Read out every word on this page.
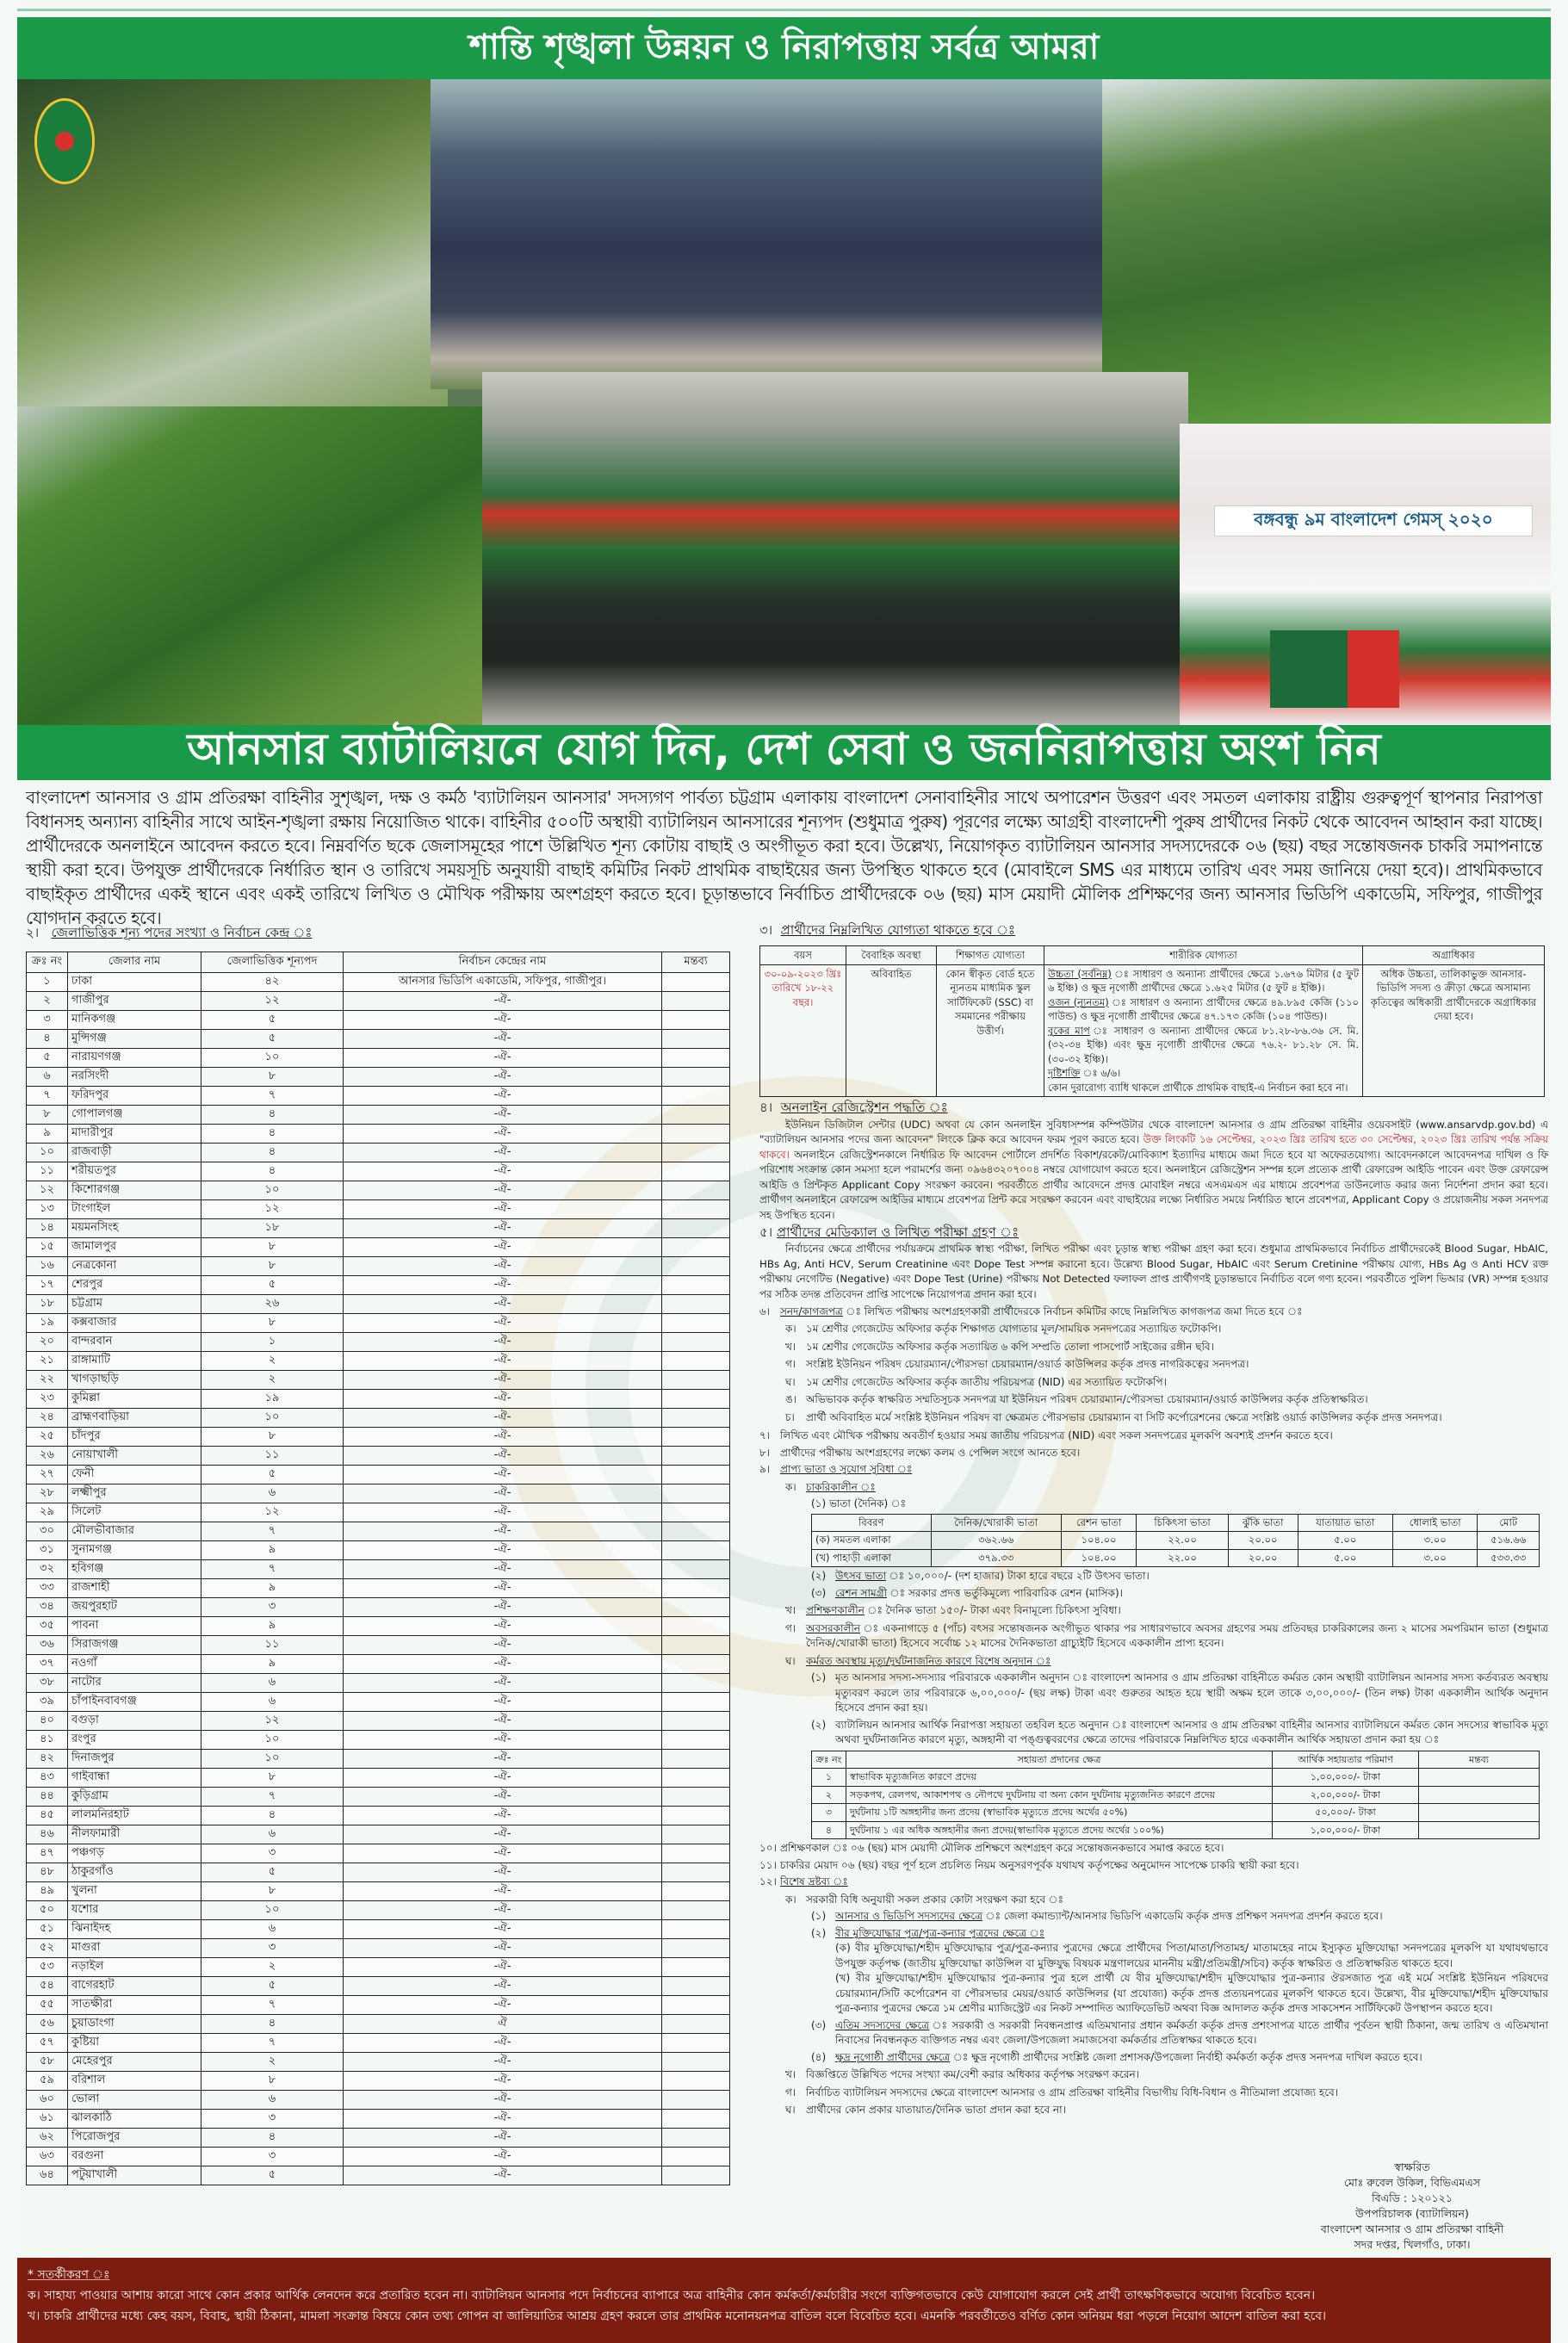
শান্তি শৃঙ্খলা উন্নয়ন ও নিরাপত্তায় সর্বত্র আমরা
বঙ্গবন্ধু ৯ম বাংলাদেশ গেমস্ ২০২০
আনসার ব্যাটালিয়নে যোগ দিন, দেশ সেবা ও জননিরাপত্তায় অংশ নিন

বাংলাদেশ আনসার ও গ্রাম প্রতিরক্ষা বাহিনীর সুশৃঙ্খল, দক্ষ ও কর্মঠ 'ব্যাটালিয়ন আনসার' সদস্যগণ পার্বত্য চট্টগ্রাম এলাকায় বাংলাদেশ সেনাবাহিনীর সাথে অপারেশন উত্তরণ এবং সমতল এলাকায় রাষ্ট্রীয় গুরুত্বপূর্ণ স্থাপনার নিরাপত্তা বিধানসহ অন্যান্য বাহিনীর সাথে আইন-শৃঙ্খলা রক্ষায় নিয়োজিত থাকে। বাহিনীর ৫০০টি অস্থায়ী ব্যাটালিয়ন আনসারের শূন্যপদ (শুধুমাত্র পুরুষ) পূরণের লক্ষ্যে আগ্রহী বাংলাদেশী পুরুষ প্রার্থীদের নিকট থেকে আবেদন আহ্বান করা যাচ্ছে। প্রার্থীদেরকে অনলাইনে আবেদন করতে হবে। নিম্নবর্ণিত ছকে জেলাসমূহের পাশে উল্লিখিত শূন্য কোটায় বাছাই ও অংগীভূত করা হবে। উল্লেখ্য, নিয়োগকৃত ব্যাটালিয়ন আনসার সদস্যদেরকে ০৬ (ছয়) বছর সন্তোষজনক চাকরি সমাপনান্তে স্থায়ী করা হবে। উপযুক্ত প্রার্থীদেরকে নির্ধারিত স্থান ও তারিখে সময়সূচি অনুযায়ী বাছাই কমিটির নিকট প্রাথমিক বাছাইয়ের জন্য উপস্থিত থাকতে হবে (মোবাইলে SMS এর মাধ্যমে তারিখ এবং সময় জানিয়ে দেয়া হবে)। প্রাথমিকভাবে বাছাইকৃত প্রার্থীদের একই স্থানে এবং একই তারিখে লিখিত ও মৌখিক পরীক্ষায় অংশগ্রহণ করতে হবে। চূড়ান্তভাবে নির্বাচিত প্রার্থীদেরকে ০৬ (ছয়) মাস মেয়াদী মৌলিক প্রশিক্ষণের জন্য আনসার ভিডিপি একাডেমি, সফিপুর, গাজীপুর যোগদান করতে হবে।

২। জেলাভিত্তিক শূন্য পদের সংখ্যা ও নির্বাচন কেন্দ্র ঃ
ক্রঃ নং	জেলার নাম	জেলাভিত্তিক শূন্যপদ	নির্বাচন কেন্দ্রের নাম	মন্তব্য
১	ঢাকা	৪২	আনসার ভিডিপি একাডেমি, সফিপুর, গাজীপুর।	
২	গাজীপুর	১২	-ঐ-	
৩	মানিকগঞ্জ	৫	-ঐ-	
৪	মুন্সিগঞ্জ	৫	-ঐ-	
৫	নারায়ণগঞ্জ	১০	-ঐ-	
৬	নরসিংদী	৮	-ঐ-	
৭	ফরিদপুর	৭	-ঐ-	
৮	গোপালগঞ্জ	৪	-ঐ-	
৯	মাদারীপুর	৪	-ঐ-	
১০	রাজবাড়ী	৪	-ঐ-	
১১	শরীয়তপুর	৪	-ঐ-	
১২	কিশোরগঞ্জ	১০	-ঐ-	
১৩	টাংগাইল	১২	-ঐ-	
১৪	ময়মনসিংহ	১৮	-ঐ-	
১৫	জামালপুর	৮	-ঐ-	
১৬	নেত্রকোনা	৮	-ঐ-	
১৭	শেরপুর	৫	-ঐ-	
১৮	চট্টগ্রাম	২৬	-ঐ-	
১৯	কক্সবাজার	৮	-ঐ-	
২০	বান্দরবান	১	-ঐ-	
২১	রাঙ্গামাটি	২	-ঐ-	
২২	খাগড়াছড়ি	২	-ঐ-	
২৩	কুমিল্লা	১৯	-ঐ-	
২৪	ব্রাহ্মণবাড়িয়া	১০	-ঐ-	
২৫	চাঁদপুর	৮	-ঐ-	
২৬	নোয়াখালী	১১	-ঐ-	
২৭	ফেনী	৫	-ঐ-	
২৮	লক্ষ্মীপুর	৬	-ঐ-	
২৯	সিলেট	১২	-ঐ-	
৩০	মৌলভীবাজার	৭	-ঐ-	
৩১	সুনামগঞ্জ	৯	-ঐ-	
৩২	হবিগঞ্জ	৭	-ঐ-	
৩৩	রাজশাহী	৯	-ঐ-	
৩৪	জয়পুরহাট	৩	-ঐ-	
৩৫	পাবনা	৯	-ঐ-	
৩৬	সিরাজগঞ্জ	১১	-ঐ-	
৩৭	নওগাঁ	৯	-ঐ-	
৩৮	নাটোর	৬	-ঐ-	
৩৯	চাঁপাইনবাবগঞ্জ	৬	-ঐ-	
৪০	বগুড়া	১২	-ঐ-	
৪১	রংপুর	১০	-ঐ-	
৪২	দিনাজপুর	১০	-ঐ-	
৪৩	গাইবান্ধা	৮	-ঐ-	
৪৪	কুড়িগ্রাম	৭	-ঐ-	
৪৫	লালমনিরহাট	৪	-ঐ-	
৪৬	নীলফামারী	৬	-ঐ-	
৪৭	পঞ্চগড়	৩	-ঐ-	
৪৮	ঠাকুরগাঁও	৫	-ঐ-	
৪৯	খুলনা	৮	-ঐ-	
৫০	যশোর	১০	-ঐ-	
৫১	ঝিনাইদহ	৬	-ঐ-	
৫২	মাগুরা	৩	-ঐ-	
৫৩	নড়াইল	২	-ঐ-	
৫৪	বাগেরহাট	৫	-ঐ-	
৫৫	সাতক্ষীরা	৭	-ঐ-	
৫৬	চুয়াডাংগা	৪	ঐ	
৫৭	কুষ্টিয়া	৭	-ঐ-	
৫৮	মেহেরপুর	২	-ঐ-	
৫৯	বরিশাল	৮	-ঐ-	
৬০	ভোলা	৬	-ঐ-	
৬১	ঝালকাঠি	৩	-ঐ-	
৬২	পিরোজপুর	৪	-ঐ-	
৬৩	বরগুনা	৩	-ঐ-	
৬৪	পটুয়াখালী	৫	-ঐ-	
৩। প্রার্থীদের নিম্নলিখিত যোগ্যতা থাকতে হবে ঃ
বয়স	বৈবাহিক অবস্থা	শিক্ষাগত যোগ্যতা	শারীরিক যোগ্যতা	অগ্রাধিকার
৩০-০৯-২০২৩ খ্রিঃ তারিখে ১৮-২২ বছর।	অবিবাহিত	কোন স্বীকৃত বোর্ড হতে ন্যূনতম মাধ্যমিক স্কুল সার্টিফিকেট (SSC) বা সমমানের পরীক্ষায় উত্তীর্ণ।	উচ্চতা (সর্বনিম্ন) ঃ সাধারণ ও অন্যান্য প্রার্থীদের ক্ষেত্রে ১.৬৭৬ মিটার (৫ ফুট ৬ ইঞ্চি) ও ক্ষুদ্র নৃগোষ্ঠী প্রার্থীদের ক্ষেত্রে ১.৬২৫ মিটার (৫ ফুট ৪ ইঞ্চি)।
ওজন (ন্যূনতম) ঃ সাধারণ ও অন্যান্য প্রার্থীদের ক্ষেত্রে ৪৯.৮৯৫ কেজি (১১০ পাউন্ড) ও ক্ষুদ্র নৃগোষ্ঠী প্রার্থীদের ক্ষেত্রে ৪৭.১৭৩ কেজি (১০৪ পাউন্ড)।
বুকের মাপ ঃ সাধারণ ও অন্যান্য প্রার্থীদের ক্ষেত্রে ৮১.২৮-৮৬.৩৬ সে. মি. (৩২-৩৪ ইঞ্চি) এবং ক্ষুদ্র নৃগোষ্ঠী প্রার্থীদের ক্ষেত্রে ৭৬.২- ৮১.২৮ সে. মি. (৩০-৩২ ইঞ্চি)।
দৃষ্টিশক্তি ঃ ৬/৬।
কোন দুরারোগ্য ব্যাধি থাকলে প্রার্থীকে প্রাথমিক বাছাই-এ নির্বাচন করা হবে না।	অধিক উচ্চতা, তালিকাভুক্ত আনসার-ভিডিপি সদস্য ও ক্রীড়া ক্ষেত্রে অসামান্য কৃতিত্বের অধিকারী প্রার্থীদেরকে অগ্রাধিকার দেয়া হবে।
৪। অনলাইন রেজিস্ট্রেশন পদ্ধতি ঃ

ইউনিয়ন ডিজিটাল সেন্টার (UDC) অথবা যে কোন অনলাইন সুবিধাসম্পন্ন কম্পিউটার থেকে বাংলাদেশ আনসার ও গ্রাম প্রতিরক্ষা বাহিনীর ওয়েবসাইট (www.ansarvdp.gov.bd) এ "ব্যাটালিয়ন আনসার পদের জন্য আবেদন" লিংকে ক্লিক করে আবেদন ফরম পূরণ করতে হবে। উক্ত লিংকটি ১৬ সেপ্টেম্বর, ২০২৩ খ্রিঃ তারিখ হতে ৩০ সেপ্টেম্বর, ২০২৩ খ্রিঃ তারিখ পর্যন্ত সক্রিয় থাকবে। অনলাইনে রেজিস্ট্রেশনকালে নির্ধারিত ফি আবেদন পোর্টালে প্রদর্শিত বিকাশ/রকেট/মোবিক্যাশ ইত্যাদির মাধ্যমে জমা দিতে হবে যা অফেরতযোগ্য। আবেদনকালে আবেদনপত্র দাখিল ও ফি পরিশোধ সংক্রান্ত কোন সমস্যা হলে পরামর্শের জন্য ০৯৬৪৩২০৭০০৪ নম্বরে যোগাযোগ করতে হবে। অনলাইনে রেজিস্ট্রেশন সম্পন্ন হলে প্রত্যেক প্রার্থী রেফারেন্স আইডি পাবেন এবং উক্ত রেফারেন্স আইডি ও প্রিন্টকৃত Applicant Copy সংরক্ষণ করবেন। পরবর্তীতে প্রার্থীর আবেদনে প্রদত্ত মোবাইল নম্বরে এসএমএস এর মাধ্যমে প্রবেশপত্র ডাউনলোড করার জন্য নির্দেশনা প্রদান করা হবে। প্রার্থীগণ অনলাইনে রেফারেন্স আইডির মাধ্যমে প্রবেশপত্র প্রিন্ট করে সংরক্ষণ করবেন এবং বাছাইয়ের লক্ষ্যে নির্ধারিত সময়ে নির্ধারিত স্থানে প্রবেশপত্র, Applicant Copy ও প্রয়োজনীয় সকল সনদপত্র সহ উপস্থিত হবেন।

৫। প্রার্থীদের মেডিক্যাল ও লিখিত পরীক্ষা গ্রহণ ঃ

নির্বাচনের ক্ষেত্রে প্রার্থীদের পর্যায়ক্রমে প্রাথমিক স্বাস্থ্য পরীক্ষা, লিখিত পরীক্ষা এবং চূড়ান্ত স্বাস্থ্য পরীক্ষা গ্রহণ করা হবে। শুধুমাত্র প্রাথমিকভাবে নির্বাচিত প্রার্থীদেরকেই Blood Sugar, HbAIC, HBs Ag, Anti HCV, Serum Creatinine এবং Dope Test সম্পন্ন করানো হবে। উল্লেখ্য Blood Sugar, HbAIC এবং Serum Cretinine পরীক্ষায় যোগ্য, HBs Ag ও Anti HCV রক্ত পরীক্ষায় নেগেটিভ (Negative) এবং Dope Test (Urine) পরীক্ষায় Not Detected ফলাফল প্রাপ্ত প্রার্থীগণই চূড়ান্তভাবে নির্বাচিত বলে গণ্য হবেন। পরবর্তীতে পুলিশ ভিআর (VR) সম্পন্ন হওয়ার পর সঠিক তদন্ত প্রতিবেদন প্রাপ্তি সাপেক্ষে নিয়োগপত্র প্রদান করা হবে।

৬। সনদ/কাগজপত্র ঃ লিখিত পরীক্ষায় অংশগ্রহণকারী প্রার্থীদেরকে নির্বাচন কমিটির কাছে নিম্নলিখিত কাগজপত্র জমা দিতে হবে ঃ
ক। ১ম শ্রেণীর গেজেটেড অফিসার কর্তৃক শিক্ষাগত যোগ্যতার মূল/সাময়িক সনদপত্রের সত্যায়িত ফটোকপি।
খ। ১ম শ্রেণীর গেজেটেড অফিসার কর্তৃক সত্যায়িত ৬ কপি সম্প্রতি তোলা পাসপোর্ট সাইজের রঙ্গীন ছবি।
গ। সংশ্লিষ্ট ইউনিয়ন পরিষদ চেয়ারম্যান/পৌরসভা চেয়ারম্যান/ওয়ার্ড কাউন্সিলর কর্তৃক প্রদত্ত নাগরিকত্বের সনদপত্র।
ঘ।	১ম শ্রেণীর গেজেটেড অফিসার কর্তৃক জাতীয় পরিচয়পত্র (NID) এর সত্যায়িত ফটোকপি।
ঙ। অভিভাবক কর্তৃক স্বাক্ষরিত সম্মতিসূচক সনদপত্র যা ইউনিয়ন পরিষদ চেয়ারম্যান/পৌরসভা চেয়ারম্যান/ওয়ার্ড কাউন্সিলর কর্তৃক প্রতিস্বাক্ষরিত।
চ।	প্রার্থী অবিবাহিত মর্মে সংশ্লিষ্ট ইউনিয়ন পরিষদ বা ক্ষেত্রমত পৌরসভার চেয়ারম্যান বা সিটি কর্পোরেশনের ক্ষেত্রে সংশ্লিষ্ট ওয়ার্ড কাউন্সিলর কর্তৃক প্রদত্ত সনদপত্র।
৭। লিখিত এবং মৌখিক পরীক্ষায় অবতীর্ণ হওয়ার সময় জাতীয় পরিচয়পত্র (NID) এবং সকল সনদপত্রের মূলকপি অবশ্যই প্রদর্শন করতে হবে।
৮। প্রার্থীদের পরীক্ষায় অংশগ্রহণের লক্ষ্যে কলম ও পেন্সিল সংগে আনতে হবে।
৯। প্রাপ্য ভাতা ও সুযোগ সুবিধা ঃ
ক। চাকরিকালীন ঃ
(১) ভাতা (দৈনিক) ঃ
বিবরণ	দৈনিক/খোরাকী ভাতা	রেশন ভাতা	চিকিৎসা ভাতা	ঝুঁকি ভাতা	যাতায়াত ভাতা	ধোলাই ভাতা	মোট
(ক) সমতল এলাকা	৩৬২.৬৬	১০৪.০০	২২.০০	২০.০০	৫.০০	৩.০০	৫১৬.৬৬
(খ) পাহাড়ী এলাকা	৩৭৯.৩৩	১০৪.০০	২২.০০	২০.০০	৫.০০	৩.০০	৫৩৩.৩৩
(২) উৎসব ভাতা ঃ ১০,০০০/- (দশ হাজার) টাকা হারে বছরে ২টি উৎসব ভাতা।
(৩) রেশন সামগ্রী ঃ সরকার প্রদত্ত ভর্তুকিমূল্যে পারিবারিক রেশন (মাসিক)।
খ। প্রশিক্ষণকালীন ঃ দৈনিক ভাতা ১৫০/- টাকা এবং বিনামূল্যে চিকিৎসা সুবিধা।
গ। অবসরকালীন ঃ একনাগাড়ে ৫ (পাঁচ) বৎসর সন্তোষজনক অংগীভূত থাকার পর সাধারণভাবে অবসর গ্রহণের সময় প্রতিবছর চাকরিকালের জন্য ২ মাসের সমপরিমান ভাতা (শুধুমাত্র দৈনিক/খোরাকী ভাতা) হিসেবে সর্বোচ্চ ১২ মাসের দৈনিকভাতা গ্রাচ্যুইটি হিসেবে এককালীন প্রাপ্য হবেন।
ঘ।	কর্মরত অবস্থায় মৃত্যু/দুর্ঘটনাজনিত কারণে বিশেষ অনুদান ঃ
(১) মৃত আনসার সদস্য-সদস্যার পরিবারকে এককালীন অনুদান ঃ বাংলাদেশ আনসার ও গ্রাম প্রতিরক্ষা বাহিনীতে কর্মরত কোন অস্থায়ী ব্যাটালিয়ন আনসার সদস্য কর্তব্যরত অবস্থায় মৃত্যুবরণ করলে তার পরিবারকে ৬,০০,০০০/- (ছয় লক্ষ) টাকা এবং গুরুতর আহত হয়ে স্থায়ী অক্ষম হলে তাকে ৩,০০,০০০/- (তিন লক্ষ) টাকা এককালীন আর্থিক অনুদান হিসেবে প্রদান করা হয়।
(২) ব্যাটালিয়ন আনসার আর্থিক নিরাপত্তা সহায়তা তহবিল হতে অনুদান ঃ বাংলাদেশ আনসার ও গ্রাম প্রতিরক্ষা বাহিনীর আনসার ব্যাটালিয়নে কর্মরত কোন সদস্যের স্বাভাবিক মৃত্যু অথবা দুর্ঘটনাজনিত কারণে মৃত্যু, অঙ্গহানী বা পঙ্গুত্ববরণের ক্ষেত্রে তাদের পরিবারকে নিম্নলিখিত হারে এককালীন আর্থিক সহায়তা প্রদান করা হয় ঃ
ক্রঃ নং	সহায়তা প্রদানের ক্ষেত্র	আর্থিক সহায়তার পরিমাণ	মন্তব্য
১	স্বাভাবিক মৃত্যুজনিত কারণে প্রদেয়	১,০০,০০০/- টাকা	
২	সড়কপথ, রেলপথ, আকাশপথ ও নৌপথে দুর্ঘটনায় বা অন্য কোন দুর্ঘটনায় মৃত্যুজনিত কারণে প্রদেয়	২,০০,০০০/- টাকা	
৩	দুর্ঘটনায় ১টি অঙ্গহানীর জন্য প্রদেয় (স্বাভাবিক মৃত্যুতে প্রদেয় অর্থের ৫০%)	৫০,০০০/- টাকা	
৪	দুর্ঘটনায় ১ এর অধিক অঙ্গহানীর জন্য প্রদেয়(স্বাভাবিক মৃত্যুতে প্রদেয় অর্থের ১০০%)	১,০০,০০০/- টাকা	
১০। প্রশিক্ষণকাল ঃ ০৬ (ছয়) মাস মেয়াদী মৌলিক প্রশিক্ষণে অংশগ্রহণ করে সন্তোষজনকভাবে সমাপ্ত করতে হবে।
১১। চাকরির মেয়াদ ০৬ (ছয়) বছর পূর্ণ হলে প্রচলিত নিয়ম অনুসরণপূর্বক যথাযথ কর্তৃপক্ষের অনুমোদন সাপেক্ষে চাকরি স্থায়ী করা হবে।
১২। বিশেষ দ্রষ্টব্য ঃ
ক। সরকারী বিধি অনুযায়ী সকল প্রকার কোটা সংরক্ষণ করা হবে ঃ
(১) আনসার ও ভিডিপি সদস্যদের ক্ষেত্রে ঃ জেলা কমান্ড্যান্ট/আনসার ভিডিপি একাডেমি কর্তৃক প্রদত্ত প্রশিক্ষণ সনদপত্র প্রদর্শন করতে হবে।
(২) বীর মুক্তিযোদ্ধার পুত্র/পুত্র-কন্যার পুত্রদের ক্ষেত্রে ঃ
(ক) বীর মুক্তিযোদ্ধা/শহীদ মুক্তিযোদ্ধার পুত্র/পুত্র-কন্যার পুত্রদের ক্ষেত্রে প্রার্থীদের পিতা/মাতা/পিতামহ/ মাতামহের নামে ইস্যুকৃত মুক্তিযোদ্ধা সনদপত্রের মূলকপি যা যথাযথভাবে উপযুক্ত কর্তৃপক্ষ (জাতীয় মুক্তিযোদ্ধা কাউন্সিল বা মুক্তিযুদ্ধ বিষয়ক মন্ত্রণালয়ের মাননীয় মন্ত্রী/প্রতিমন্ত্রী/সচিব) কর্তৃক স্বাক্ষরিত ও প্রতিস্বাক্ষরিত থাকতে হবে।
(খ) বীর মুক্তিযোদ্ধা/শহীদ মুক্তিযোদ্ধার পুত্র-কন্যার পুত্র হলে প্রার্থী যে বীর মুক্তিযোদ্ধা/শহীদ মুক্তিযোদ্ধার পুত্র-কন্যার ঔরসজাত পুত্র এই মর্মে সংশ্লিষ্ট ইউনিয়ন পরিষদের চেয়ারম্যান/সিটি কর্পোরেশন বা পৌরসভার মেয়র/ওয়ার্ড কাউন্সিলর (যা প্রযোজ্য) কর্তৃক প্রদত্ত প্রত্যয়নপত্রের মূলকপি থাকতে হবে। উল্লেখ্য, বীর মুক্তিযোদ্ধা/শহীদ মুক্তিযোদ্ধার পুত্র-কন্যার পুত্রদের ক্ষেত্রে ১ম শ্রেণীর ম্যাজিস্ট্রেট এর নিকট সম্পাদিত অ্যাফিডেভিট অথবা বিজ্ঞ আদালত কর্তৃক প্রদত্ত সাকসেশন সার্টিফিকেট উপস্থাপন করতে হবে।
(৩) এতিম সদস্যদের ক্ষেত্রে ঃ সরকারী ও সরকারী নিবন্ধনপ্রাপ্ত এতিমখানার প্রধান কর্মকর্তা কর্তৃক প্রদত্ত প্রশংসাপত্র যাতে প্রার্থীর পূর্বতন স্থায়ী ঠিকানা, জন্ম তারিখ ও এতিমখানা নিবাসের নিবন্ধনকৃত ব্যক্তিগত নম্বর এবং জেলা/উপজেলা সমাজসেবা কর্মকর্তার প্রতিস্বাক্ষর থাকতে হবে।
(৪) ক্ষুদ্র নৃগোষ্ঠী প্রার্থীদের ক্ষেত্রে ঃ ক্ষুদ্র নৃগোষ্ঠী প্রার্থীদের সংশ্লিষ্ট জেলা প্রশাসক/উপজেলা নির্বাহী কর্মকর্তা কর্তৃক প্রদত্ত সনদপত্র দাখিল করতে হবে।
খ। বিজ্ঞপ্তিতে উল্লিখিত পদের সংখ্যা কম/বেশী করার অধিকার কর্তৃপক্ষ সংরক্ষণ করেন।
গ। নির্বাচিত ব্যাটালিয়ন সদস্যদের ক্ষেত্রে বাংলাদেশ আনসার ও গ্রাম প্রতিরক্ষা বাহিনীর বিভাগীয় বিধি-বিধান ও নীতিমালা প্রযোজ্য হবে।
ঘ।	প্রার্থীদের কোন প্রকার যাতায়াত/দৈনিক ভাতা প্রদান করা হবে না।
স্বাক্ষরিত
মোঃ রুবেল উকিল, বিভিএমএস
বিএডি : ১২০১২১
উপপরিচালক (ব্যাটালিয়ন)
বাংলাদেশ আনসার ও গ্রাম প্রতিরক্ষা বাহিনী
সদর দপ্তর, খিলগাঁও, ঢাকা।
* সতর্কীকরণ ঃ
ক। সাহায্য পাওয়ার আশায় কারো সাথে কোন প্রকার আর্থিক লেনদেন করে প্রতারিত হবেন না। ব্যাটালিয়ন আনসার পদে নির্বাচনের ব্যাপারে অত্র বাহিনীর কোন কর্মকর্তা/কর্মচারীর সংগে ব্যক্তিগতভাবে কেউ যোগাযোগ করলে সেই প্রার্থী তাৎক্ষণিকভাবে অযোগ্য বিবেচিত হবেন।
খ। চাকরি প্রার্থীদের মধ্যে কেহ বয়স, বিবাহ, স্থায়ী ঠিকানা, মামলা সংক্রান্ত বিষয়ে কোন তথ্য গোপন বা জালিয়াতির আশ্রয় গ্রহণ করলে তার প্রাথমিক মনোনয়নপত্র বাতিল বলে বিবেচিত হবে। এমনকি পরবর্তীতেও বর্ণিত কোন অনিয়ম ধরা পড়লে নিয়োগ আদেশ বাতিল করা হবে।
